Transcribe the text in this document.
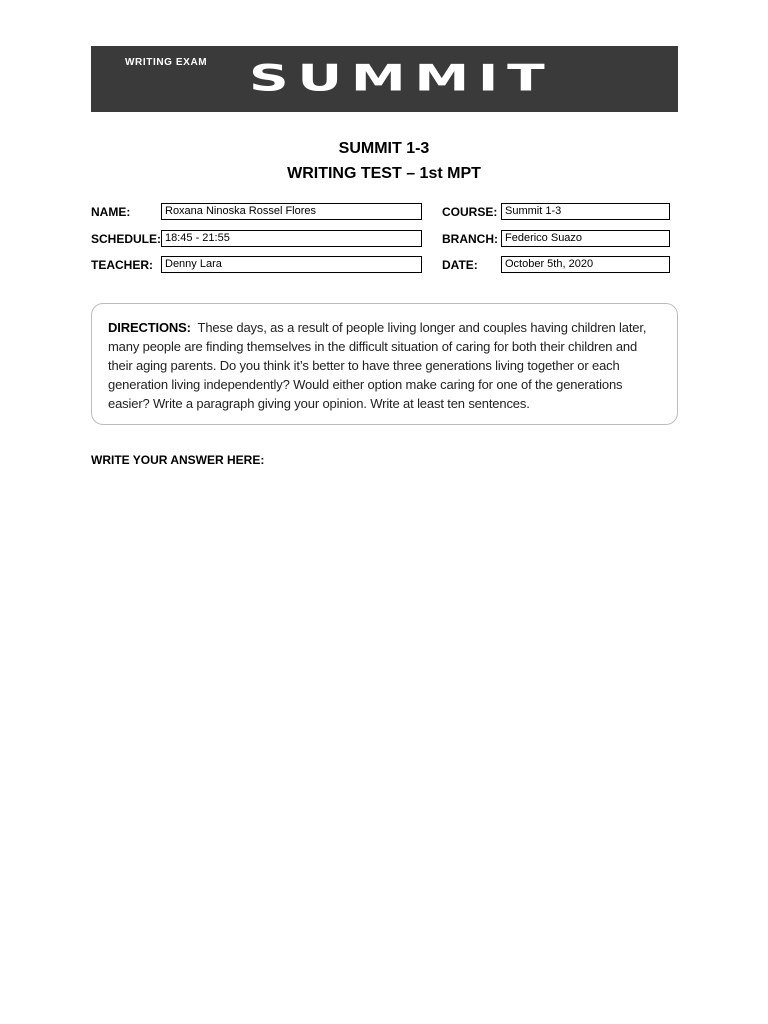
WRITING EXAM SUMMIT
SUMMIT 1-3
WRITING TEST – 1st MPT
NAME:	Roxana Ninoska Rossel Flores
SCHEDULE: 18:45 - 21:55
TEACHER:	Denny Lara
COURSE: Summit 1-3
BRANCH: Federico Suazo
DATE:	October 5th, 2020
DIRECTIONS:  These days, as a result of people living longer and couples having children later, many people are finding themselves in the difficult situation of caring for both their children and their aging parents. Do you think it’s better to have three generations living together or each generation living independently? Would either option make caring for one of the generations easier? Write a paragraph giving your opinion. Write at least ten sentences.
WRITE YOUR ANSWER HERE:
